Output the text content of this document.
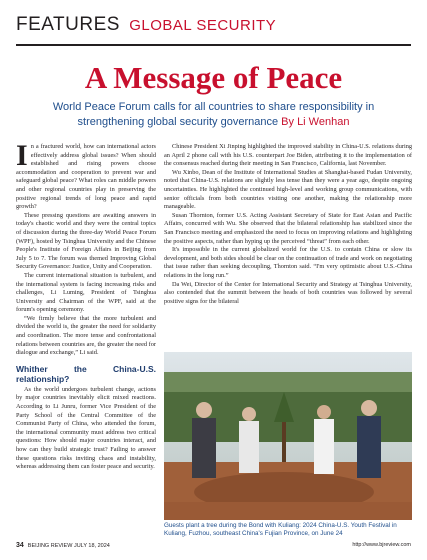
FEATURES GLOBAL SECURITY
A Message of Peace
World Peace Forum calls for all countries to share responsibility in strengthening global security governance By Li Wenhan

In a fractured world, how can international actors effectively address global issues? When should established and rising powers choose accommodation and cooperation to prevent war and safeguard global peace? What roles can middle powers and other regional countries play in preserving the positive regional trends of long peace and rapid growth?

These pressing questions are awaiting answers in today's chaotic world and they were the central topics of discussion during the three-day World Peace Forum (WPF), hosted by Tsinghua University and the Chinese People's Institute of Foreign Affairs in Beijing from July 5 to 7. The forum was themed Improving Global Security Governance: Justice, Unity and Cooperation.

The current international situation is turbulent, and the international system is facing increasing risks and challenges, Li Luming, President of Tsinghua University and Chairman of the WPF, said at the forum's opening ceremony.

“We firmly believe that the more turbulent and divided the world is, the greater the need for solidarity and coordination. The more tense and confrontational relations between countries are, the greater the need for dialogue and exchange,” Li said.

Whither the China-U.S. relationship?

As the world undergoes turbulent change, actions by major countries inevitably elicit mixed reactions. According to Li Junru, former Vice President of the Party School of the Central Committee of the Communist Party of China, who attended the forum, the international community must address two critical questions: How should major countries interact, and how can they build strategic trust? Failing to answer these questions risks inviting chaos and instability, whereas addressing them can foster peace and security.

Chinese President Xi Jinping highlighted the improved stability in China-U.S. relations during an April 2 phone call with his U.S. counterpart Joe Biden, attributing it to the implementation of the consensus reached during their meeting in San Francisco, California, last November.

Wu Xinbo, Dean of the Institute of International Studies at Shanghai-based Fudan University, noted that China-U.S. relations are slightly less tense than they were a year ago, despite ongoing uncertainties. He highlighted the continued high-level and working group communications, with senior officials from both countries visiting one another, making the relationship more manageable.

Susan Thornton, former U.S. Acting Assistant Secretary of State for East Asian and Pacific Affairs, concurred with Wu. She observed that the bilateral relationship has stabilized since the San Francisco meeting and emphasized the need to focus on improving relations and highlighting the positive aspects, rather than hyping up the perceived “threat” from each other.

It's impossible in the current globalized world for the U.S. to contain China or slow its development, and both sides should be clear on the continuation of trade and work on negotiating that issue rather than seeking decoupling, Thornton said. “I'm very optimistic about U.S.-China relations in the long run.”

Da Wei, Director of the Center for International Security and Strategy at Tsinghua University, also contended that the summit between the heads of both countries was followed by several positive signs for the bilateral

Guests plant a tree during the Bond with Kuliang: 2024 China-U.S. Youth Festival in Kuliang, Fuzhou, southeast China's Fujian Province, on June 24
34 BEIJING REVIEW JULY 18, 2024	http://www.bjreview.com
